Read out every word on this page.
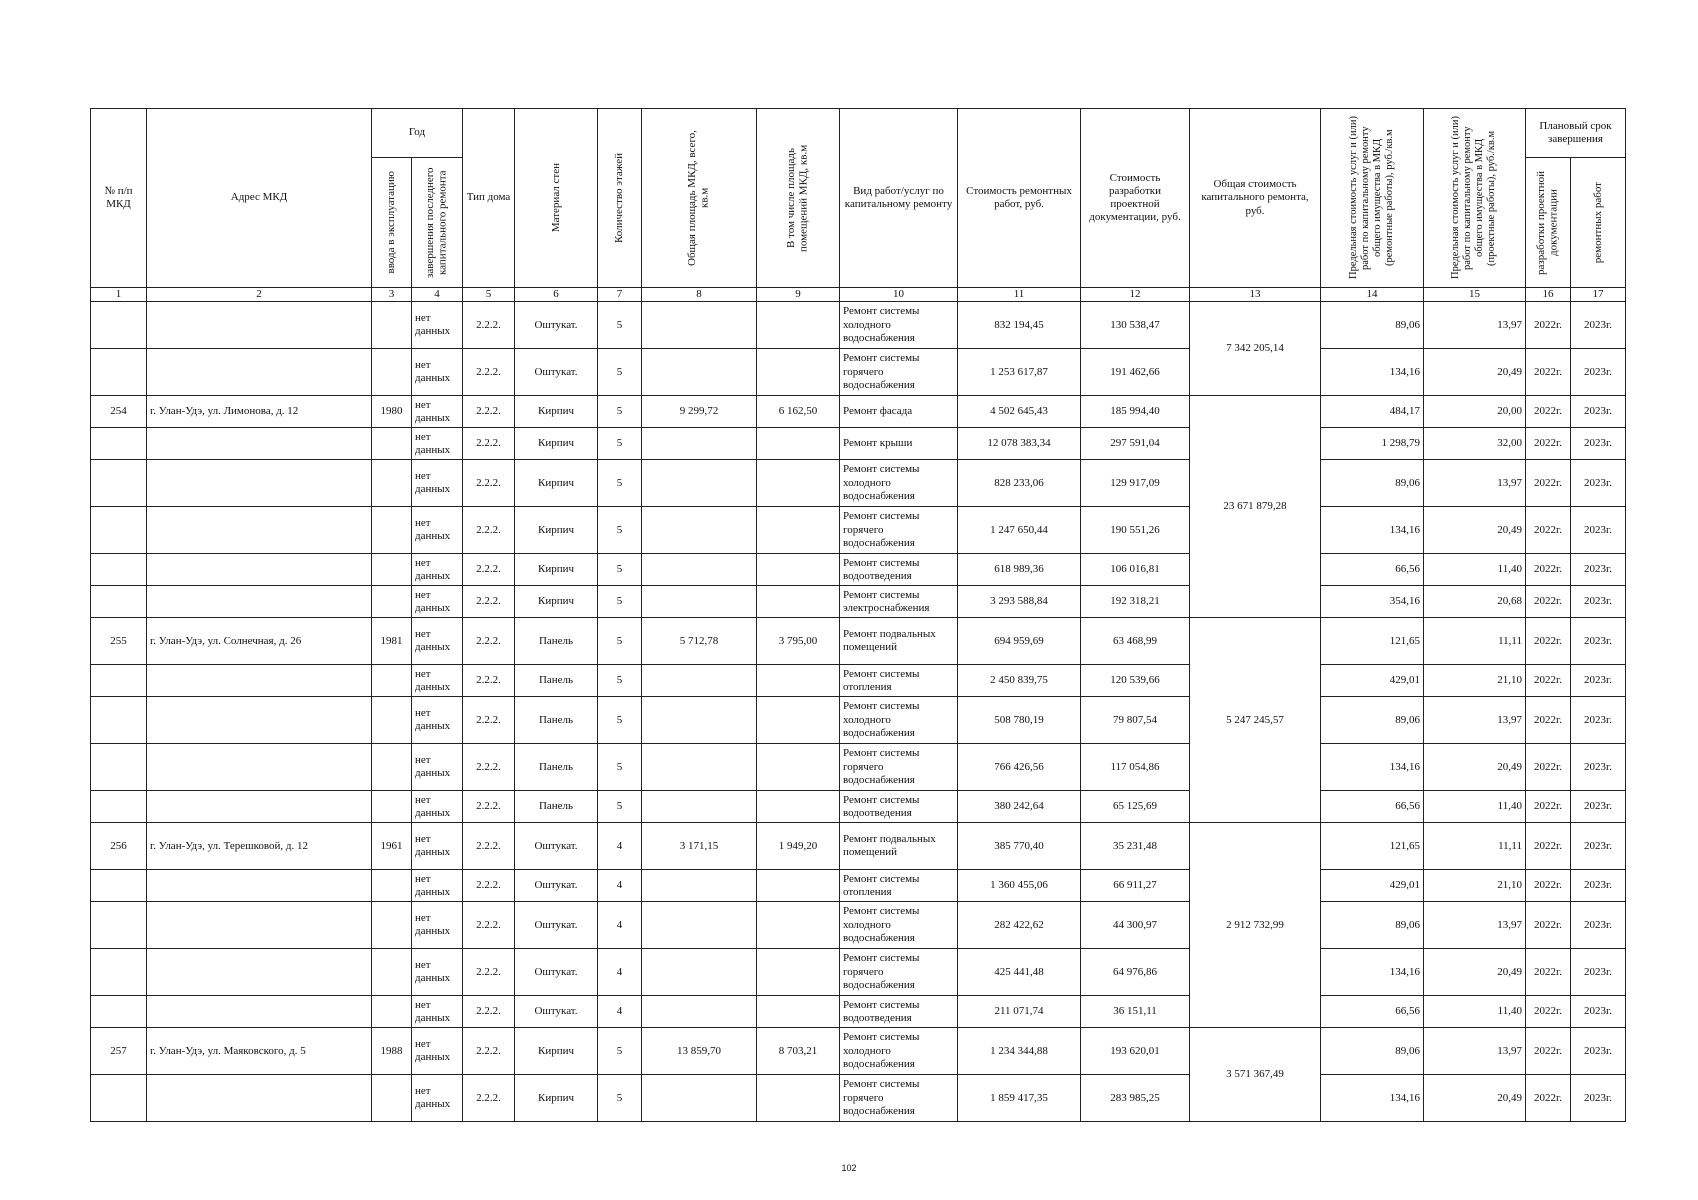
№ п/п МКД	Адрес МКД	Год		Тип дома	Материал стен	Количество этажей	Общая площадь МКД, всего, кв.м	В том числе площадь помещений МКД, кв.м	Вид работ/услуг по капитальному ремонту	Стоимость ремонтных работ, руб.	Стоимость разработки проектной документации, руб.	Общая стоимость капитального ремонта, руб.	Предельная стоимость услуг и (или) работ по капитальному ремонту общего имущества в МКД (ремонтные работы), руб./кв.м	Предельная стоимость услуг и (или) работ по капитальному ремонту общего имущества в МКД (проектные работы), руб./кв.м	Плановый срок завершения	

		ввода в эксплуатацию	завершения последнего капитального ремонта												разработки проектной документации	ремонтных работ

1	2	3	4	5	6	7	8	9	10	11	12	13	14	15	16	17
			нет данных	2.2.2.	Оштукат.	5			Ремонт системы холодного водоснабжения	832 194,45	130 538,47	7 342 205,14	89,06	13,97	2022г.	2023г.
			нет данных	2.2.2.	Оштукат.	5			Ремонт системы горячего водоснабжения	1 253 617,87	191 462,66		134,16	20,49	2022г.	2023г.
254	г. Улан-Удэ, ул. Лимонова, д. 12	1980	нет данных	2.2.2.	Кирпич	5	9 299,72	6 162,50	Ремонт фасада	4 502 645,43	185 994,40	23 671 879,28	484,17	20,00	2022г.	2023г.
			нет данных	2.2.2.	Кирпич	5			Ремонт крыши	12 078 383,34	297 591,04		1 298,79	32,00	2022г.	2023г.
			нет данных	2.2.2.	Кирпич	5			Ремонт системы холодного водоснабжения	828 233,06	129 917,09		89,06	13,97	2022г.	2023г.
			нет данных	2.2.2.	Кирпич	5			Ремонт системы горячего водоснабжения	1 247 650,44	190 551,26		134,16	20,49	2022г.	2023г.
			нет данных	2.2.2.	Кирпич	5			Ремонт системы водоотведения	618 989,36	106 016,81		66,56	11,40	2022г.	2023г.
			нет данных	2.2.2.	Кирпич	5			Ремонт системы электроснабжения	3 293 588,84	192 318,21		354,16	20,68	2022г.	2023г.
255	г. Улан-Удэ, ул. Солнечная, д. 26	1981	нет данных	2.2.2.	Панель	5	5 712,78	3 795,00	Ремонт подвальных помещений	694 959,69	63 468,99	5 247 245,57	121,65	11,11	2022г.	2023г.
			нет данных	2.2.2.	Панель	5			Ремонт системы отопления	2 450 839,75	120 539,66		429,01	21,10	2022г.	2023г.
			нет данных	2.2.2.	Панель	5			Ремонт системы холодного водоснабжения	508 780,19	79 807,54		89,06	13,97	2022г.	2023г.
			нет данных	2.2.2.	Панель	5			Ремонт системы горячего водоснабжения	766 426,56	117 054,86		134,16	20,49	2022г.	2023г.
			нет данных	2.2.2.	Панель	5			Ремонт системы водоотведения	380 242,64	65 125,69		66,56	11,40	2022г.	2023г.
256	г. Улан-Удэ, ул. Терешковой, д. 12	1961	нет данных	2.2.2.	Оштукат.	4	3 171,15	1 949,20	Ремонт подвальных помещений	385 770,40	35 231,48	2 912 732,99	121,65	11,11	2022г.	2023г.
			нет данных	2.2.2.	Оштукат.	4			Ремонт системы отопления	1 360 455,06	66 911,27		429,01	21,10	2022г.	2023г.
			нет данных	2.2.2.	Оштукат.	4			Ремонт системы холодного водоснабжения	282 422,62	44 300,97		89,06	13,97	2022г.	2023г.
			нет данных	2.2.2.	Оштукат.	4			Ремонт системы горячего водоснабжения	425 441,48	64 976,86		134,16	20,49	2022г.	2023г.
			нет данных	2.2.2.	Оштукат.	4			Ремонт системы водоотведения	211 071,74	36 151,11		66,56	11,40	2022г.	2023г.
257	г. Улан-Удэ, ул. Маяковского, д. 5	1988	нет данных	2.2.2.	Кирпич	5	13 859,70	8 703,21	Ремонт системы холодного водоснабжения	1 234 344,88	193 620,01	3 571 367,49	89,06	13,97	2022г.	2023г.
			нет данных	2.2.2.	Кирпич	5			Ремонт системы горячего водоснабжения	1 859 417,35	283 985,25		134,16	20,49	2022г.	2023г.
102
